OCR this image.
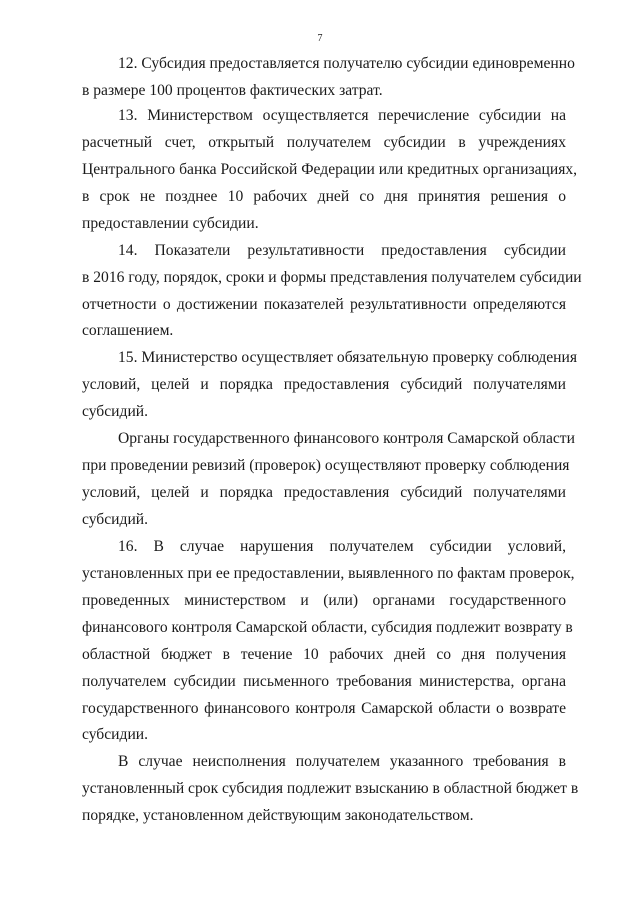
7
12. Субсидия предоставляется получателю субсидии единовременно
в размере 100 процентов фактических затрат.
13. Министерством осуществляется перечисление субсидии на
расчетный счет, открытый получателем субсидии в учреждениях
Центрального банка Российской Федерации или кредитных организациях,
в срок не позднее 10 рабочих дней со дня принятия решения о
предоставлении субсидии.
14. Показатели результативности предоставления субсидии
в 2016 году, порядок, сроки и формы представления получателем субсидии
отчетности о достижении показателей результативности определяются
соглашением.
15. Министерство осуществляет обязательную проверку соблюдения
условий, целей и порядка предоставления субсидий получателями
субсидий.
Органы государственного финансового контроля Самарской области
при проведении ревизий (проверок) осуществляют проверку соблюдения
условий, целей и порядка предоставления субсидий получателями
субсидий.
16. В случае нарушения получателем субсидии условий,
установленных при ее предоставлении, выявленного по фактам проверок,
проведенных министерством и (или) органами государственного
финансового контроля Самарской области, субсидия подлежит возврату в
областной бюджет в течение 10 рабочих дней со дня получения
получателем субсидии письменного требования министерства, органа
государственного финансового контроля Самарской области о возврате
субсидии.
В случае неисполнения получателем указанного требования в
установленный срок субсидия подлежит взысканию в областной бюджет в
порядке, установленном действующим законодательством.
